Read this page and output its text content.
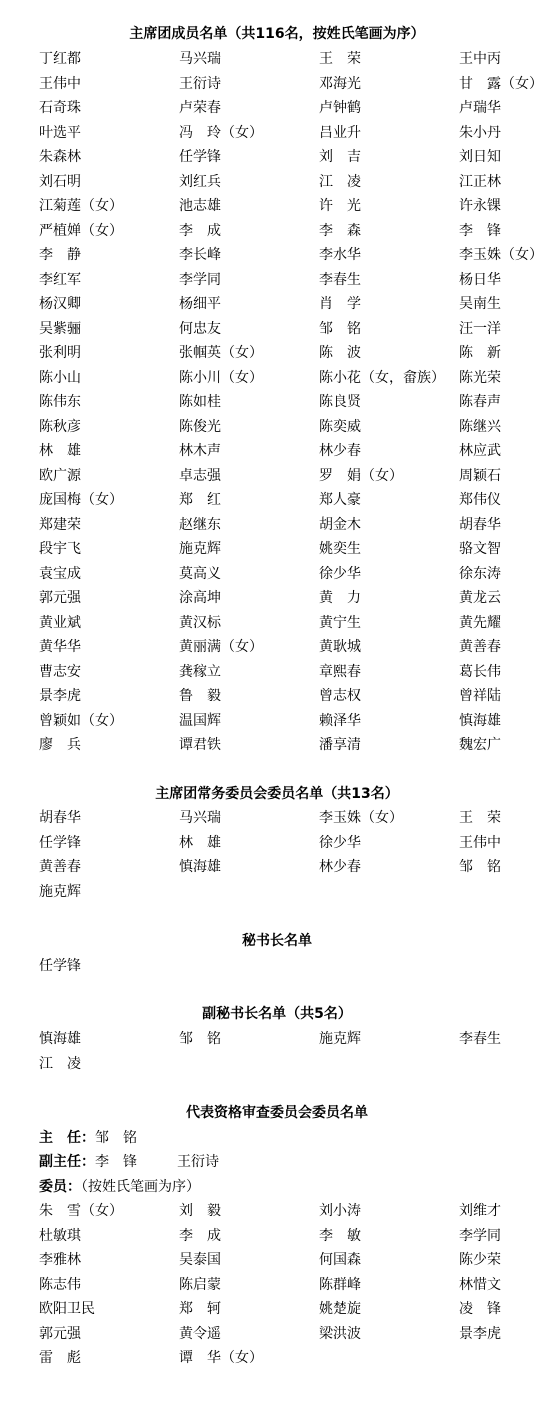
主席团成员名单（共116名，按姓氏笔画为序）
丁红都	马兴瑞	王　荣	王中丙
王伟中	王衍诗	邓海光	甘　露（女）
石奇珠	卢荣春	卢钟鹤	卢瑞华
叶选平	冯　玲（女）	吕业升	朱小丹
朱森林	任学锋	刘　吉	刘日知
刘石明	刘红兵	江　凌	江正林
江菊莲（女）	池志雄	许　光	许永锞
严植婵（女）	李　成	李　森	李　锋
李　静	李长峰	李水华	李玉姝（女）
李红军	李学同	李春生	杨日华
杨汉卿	杨细平	肖　学	吴南生
吴紫骊	何忠友	邹　铭	汪一洋
张利明	张帼英（女）	陈　波	陈　新
陈小山	陈小川（女）	陈小花（女，畲族） 陈光荣
陈伟东	陈如桂	陈良贤	陈春声
陈秋彦	陈俊光	陈奕威	陈继兴
林　雄	林木声	林少春	林应武
欧广源	卓志强	罗　娟（女）	周颖石
庞国梅（女）	郑　红	郑人豪	郑伟仪
郑建荣	赵继东	胡金木	胡春华
段宇飞	施克辉	姚奕生	骆文智
袁宝成	莫高义	徐少华	徐东涛
郭元强	涂高坤	黄　力	黄龙云
黄业斌	黄汉标	黄宁生	黄先耀
黄华华	黄丽满（女）	黄耿城	黄善春
曹志安	龚稼立	章熙春	葛长伟
景李虎	鲁　毅	曾志权	曾祥陆
曾颖如（女）	温国辉	赖泽华	慎海雄
廖　兵	谭君铁	潘享清	魏宏广
主席团常务委员会委员名单（共13名）
胡春华	马兴瑞	李玉姝（女）	王　荣
任学锋	林　雄	徐少华	王伟中
黄善春	慎海雄	林少春	邹　铭
施克辉
秘书长名单
任学锋
副秘书长名单（共5名）
慎海雄	邹　铭	施克辉	李春生
江　凌
代表资格审查委员会委员名单
主　任：邹　铭
副主任：李　锋	王衍诗
委员：（按姓氏笔画为序）
朱　雪（女）	刘　毅	刘小涛	刘维才
杜敏琪	李　成	李　敏	李学同
李雅林	吴泰国	何国森	陈少荣
陈志伟	陈启蒙	陈群峰	林惜文
欧阳卫民	郑　轲	姚楚旋	凌　锋
郭元强	黄令遥	梁洪波	景李虎
雷　彪	谭　华（女）
